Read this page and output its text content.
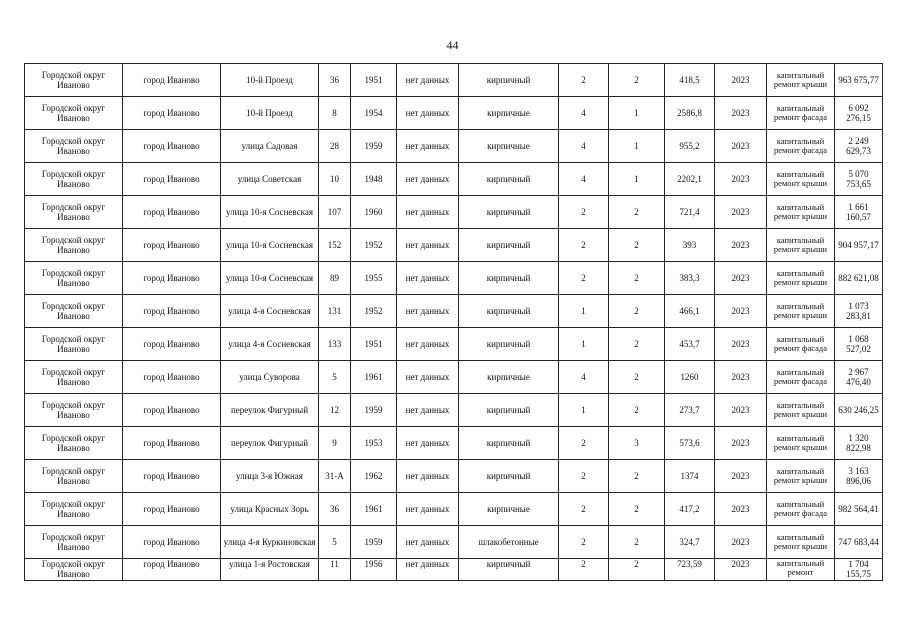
44
Городской округ Иваново	город Иваново	10-й Проезд	36	1951	нет данных	кирпичный	2	2	418,5	2023	капитальный ремонт крыши	963 675,77
Городской округ Иваново	город Иваново	10-й Проезд	8	1954	нет данных	кирпичные	4	1	2586,8	2023	капитальный ремонт фасада	6 092 276,15
Городской округ Иваново	город Иваново	улица Садовая	28	1959	нет данных	кирпичные	4	1	955,2	2023	капитальный ремонт фасада	2 249 629,73
Городской округ Иваново	город Иваново	улица Советская	10	1948	нет данных	кирпичный	4	1	2202,1	2023	капитальный ремонт крыши	5 070 753,65
Городской округ Иваново	город Иваново	улица 10-я Сосневская	107	1960	нет данных	кирпичный	2	2	721,4	2023	капитальный ремонт крыши	1 661 160,57
Городской округ Иваново	город Иваново	улица 10-я Сосневская	152	1952	нет данных	кирпичный	2	2	393	2023	капитальный ремонт крыши	904 957,17
Городской округ Иваново	город Иваново	улица 10-я Сосневская	89	1955	нет данных	кирпичный	2	2	383,3	2023	капитальный ремонт крыши	882 621,08
Городской округ Иваново	город Иваново	улица 4-я Сосневская	131	1952	нет данных	кирпичный	1	2	466,1	2023	капитальный ремонт крыши	1 073 283,81
Городской округ Иваново	город Иваново	улица 4-я Сосневская	133	1951	нет данных	кирпичный	1	2	453,7	2023	капитальный ремонт фасада	1 068 527,02
Городской округ Иваново	город Иваново	улица Суворова	5	1961	нет данных	кирпичные	4	2	1260	2023	капитальный ремонт фасада	2 967 476,40
Городской округ Иваново	город Иваново	переулок Фигурный	12	1959	нет данных	кирпичный	1	2	273,7	2023	капитальный ремонт крыши	630 246,25
Городской округ Иваново	город Иваново	переулок Фигурный	9	1953	нет данных	кирпичный	2	3	573,6	2023	капитальный ремонт крыши	1 320 822,98
Городской округ Иваново	город Иваново	улица 3-я Южная	31-А	1962	нет данных	кирпичный	2	2	1374	2023	капитальный ремонт крыши	3 163 896,06
Городской округ Иваново	город Иваново	улица Красных Зорь	36	1961	нет данных	кирпичные	2	2	417,2	2023	капитальный ремонт фасада	982 564,41
Городской округ Иваново	город Иваново	улица 4-я Куркиновская	5	1959	нет данных	шлакобетонные	2	2	324,7	2023	капитальный ремонт крыши	747 683,44
Городской округ Иваново	город Иваново	улица 1-я Ростовская	11	1956	нет данных	кирпичный	2	2	723,59	2023	капитальный ремонт	1 704 155,75
